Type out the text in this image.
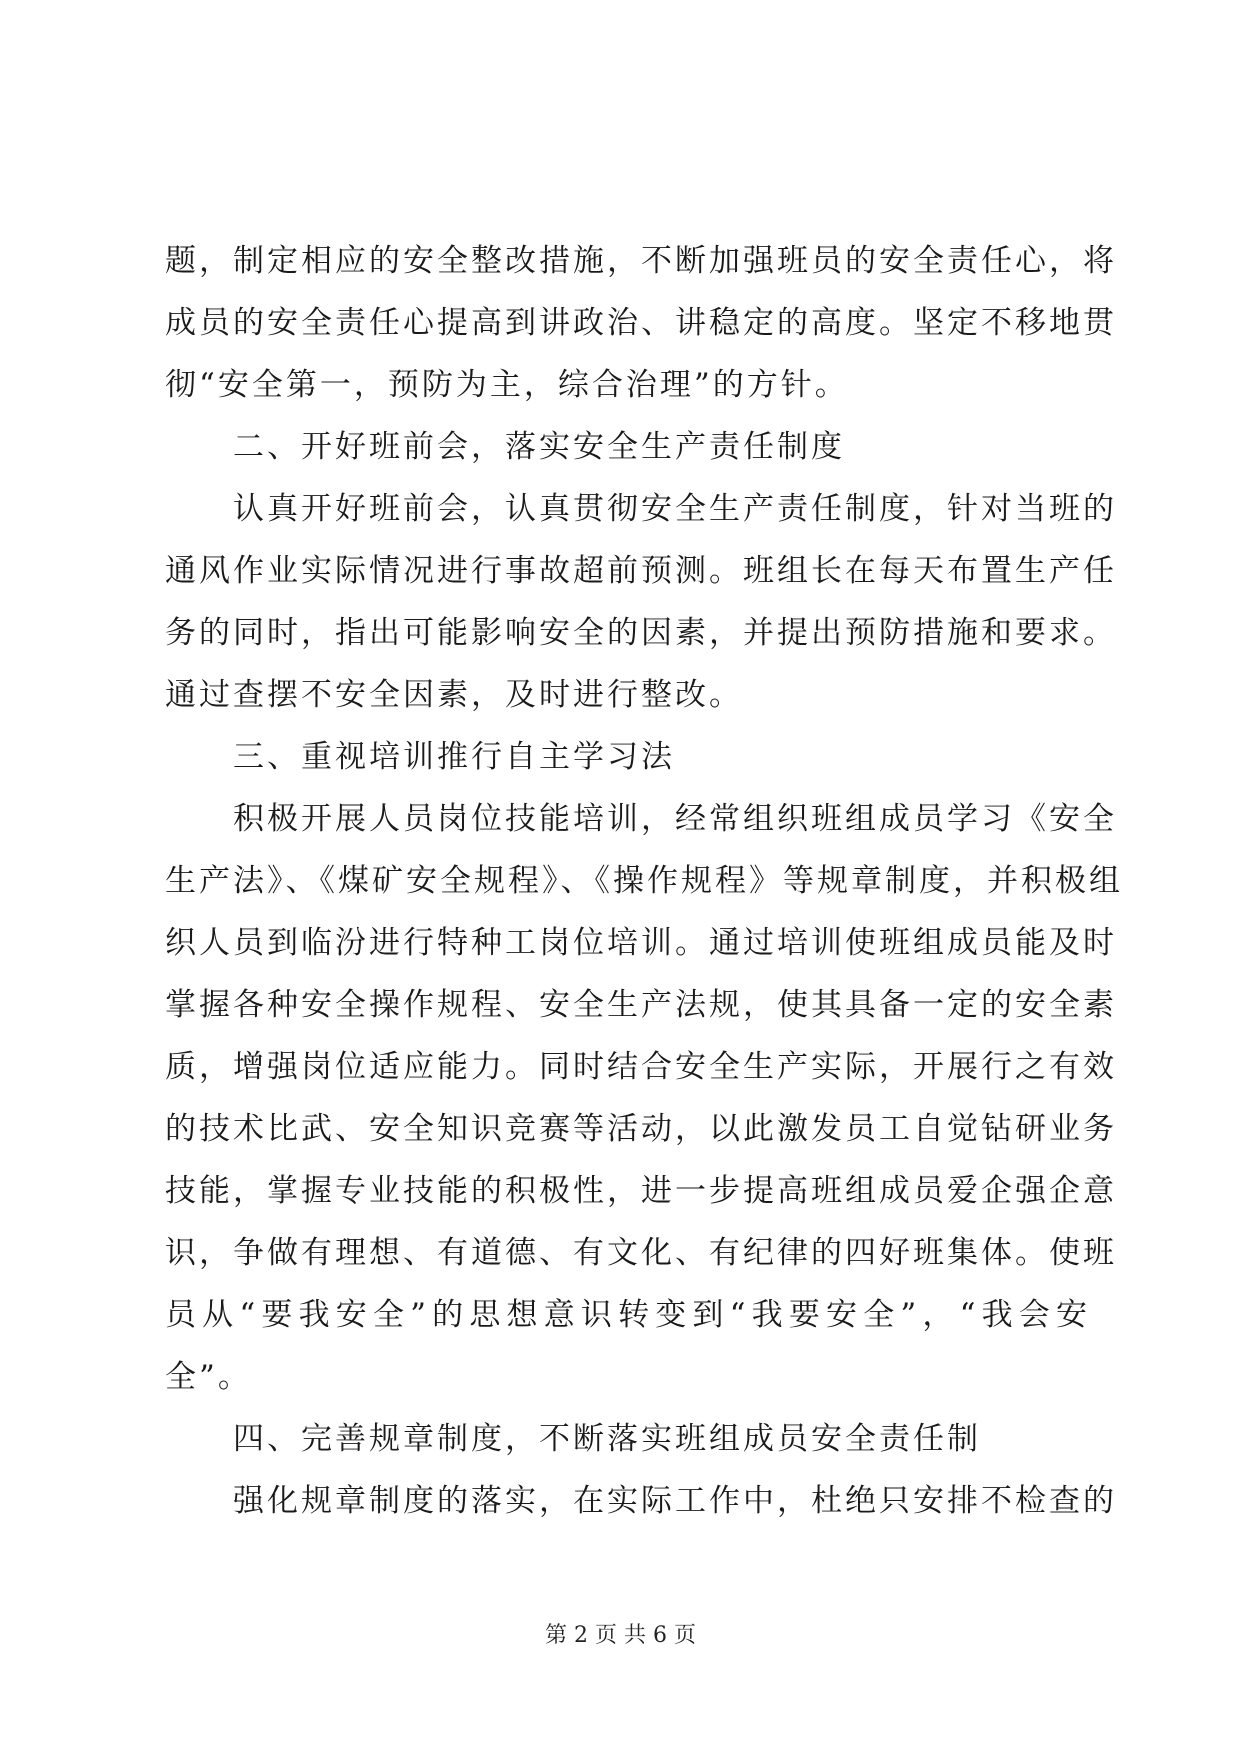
题，制定相应的安全整改措施，不断加强班员的安全责任心，将
成员的安全责任心提高到讲政治、讲稳定的高度。坚定不移地贯
彻“安全第一，预防为主，综合治理”的方针。
二、开好班前会，落实安全生产责任制度
认真开好班前会，认真贯彻安全生产责任制度，针对当班的
通风作业实际情况进行事故超前预测。班组长在每天布置生产任
务的同时，指出可能影响安全的因素，并提出预防措施和要求。
通过查摆不安全因素，及时进行整改。
三、重视培训推行自主学习法
积极开展人员岗位技能培训，经常组织班组成员学习《安全
生产法》、《煤矿安全规程》、《操作规程》等规章制度，并积极组
织人员到临汾进行特种工岗位培训。通过培训使班组成员能及时
掌握各种安全操作规程、安全生产法规，使其具备一定的安全素
质，增强岗位适应能力。同时结合安全生产实际，开展行之有效
的技术比武、安全知识竞赛等活动，以此激发员工自觉钻研业务
技能，掌握专业技能的积极性，进一步提高班组成员爱企强企意
识，争做有理想、有道德、有文化、有纪律的四好班集体。使班
员从“要我安全”的思想意识转变到“我要安全”，“我会安
全”。
四、完善规章制度，不断落实班组成员安全责任制
强化规章制度的落实，在实际工作中，杜绝只安排不检查的
第 2 页 共 6 页
